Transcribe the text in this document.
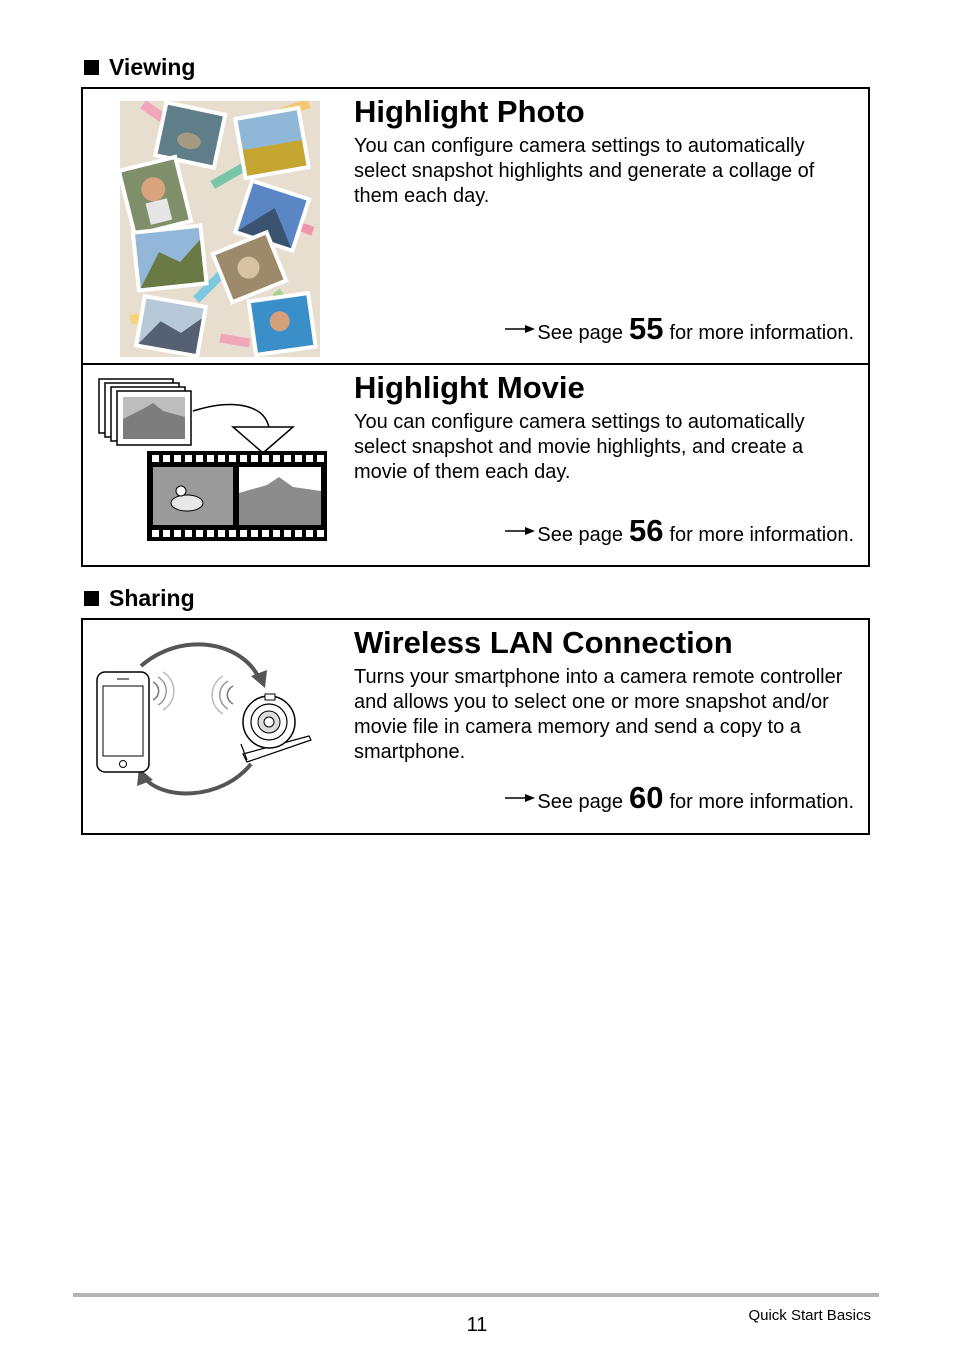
Viewing
Highlight Photo
You can configure camera settings to automatically select snapshot highlights and generate a collage of them each day.
See page 55 for more information.
Highlight Movie
You can configure camera settings to automatically select snapshot and movie highlights, and create a movie of them each day.
See page 56 for more information.
Sharing
Wireless LAN Connection
Turns your smartphone into a camera remote controller and allows you to select one or more snapshot and/or movie file in camera memory and send a copy to a smartphone.
See page 60 for more information.
11	Quick Start Basics
